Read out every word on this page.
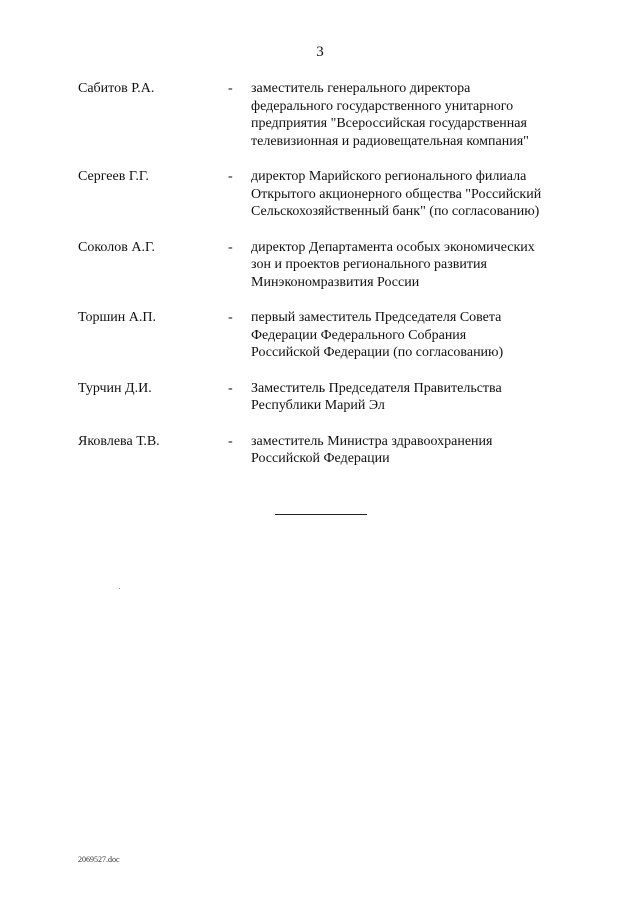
3
Сабитов Р.А.	- заместитель генерального директора
федерального государственного унитарного
предприятия "Всероссийская государственная
телевизионная и радиовещательная компания"
Сергеев Г.Г.	- директор Марийского регионального филиала
Открытого акционерного общества "Российский
Сельскохозяйственный банк" (по согласованию)
Соколов А.Г.	- директор Департамента особых экономических
зон и проектов регионального развития
Минэкономразвития России
Торшин А.П.	- первый заместитель Председателя Совета
Федерации Федерального Собрания
Российской Федерации (по согласованию)
Турчин Д.И.	- Заместитель Председателя Правительства
Республики Марий Эл
Яковлева Т.В.	- заместитель Министра здравоохранения
Российской Федерации
2069527.doc
